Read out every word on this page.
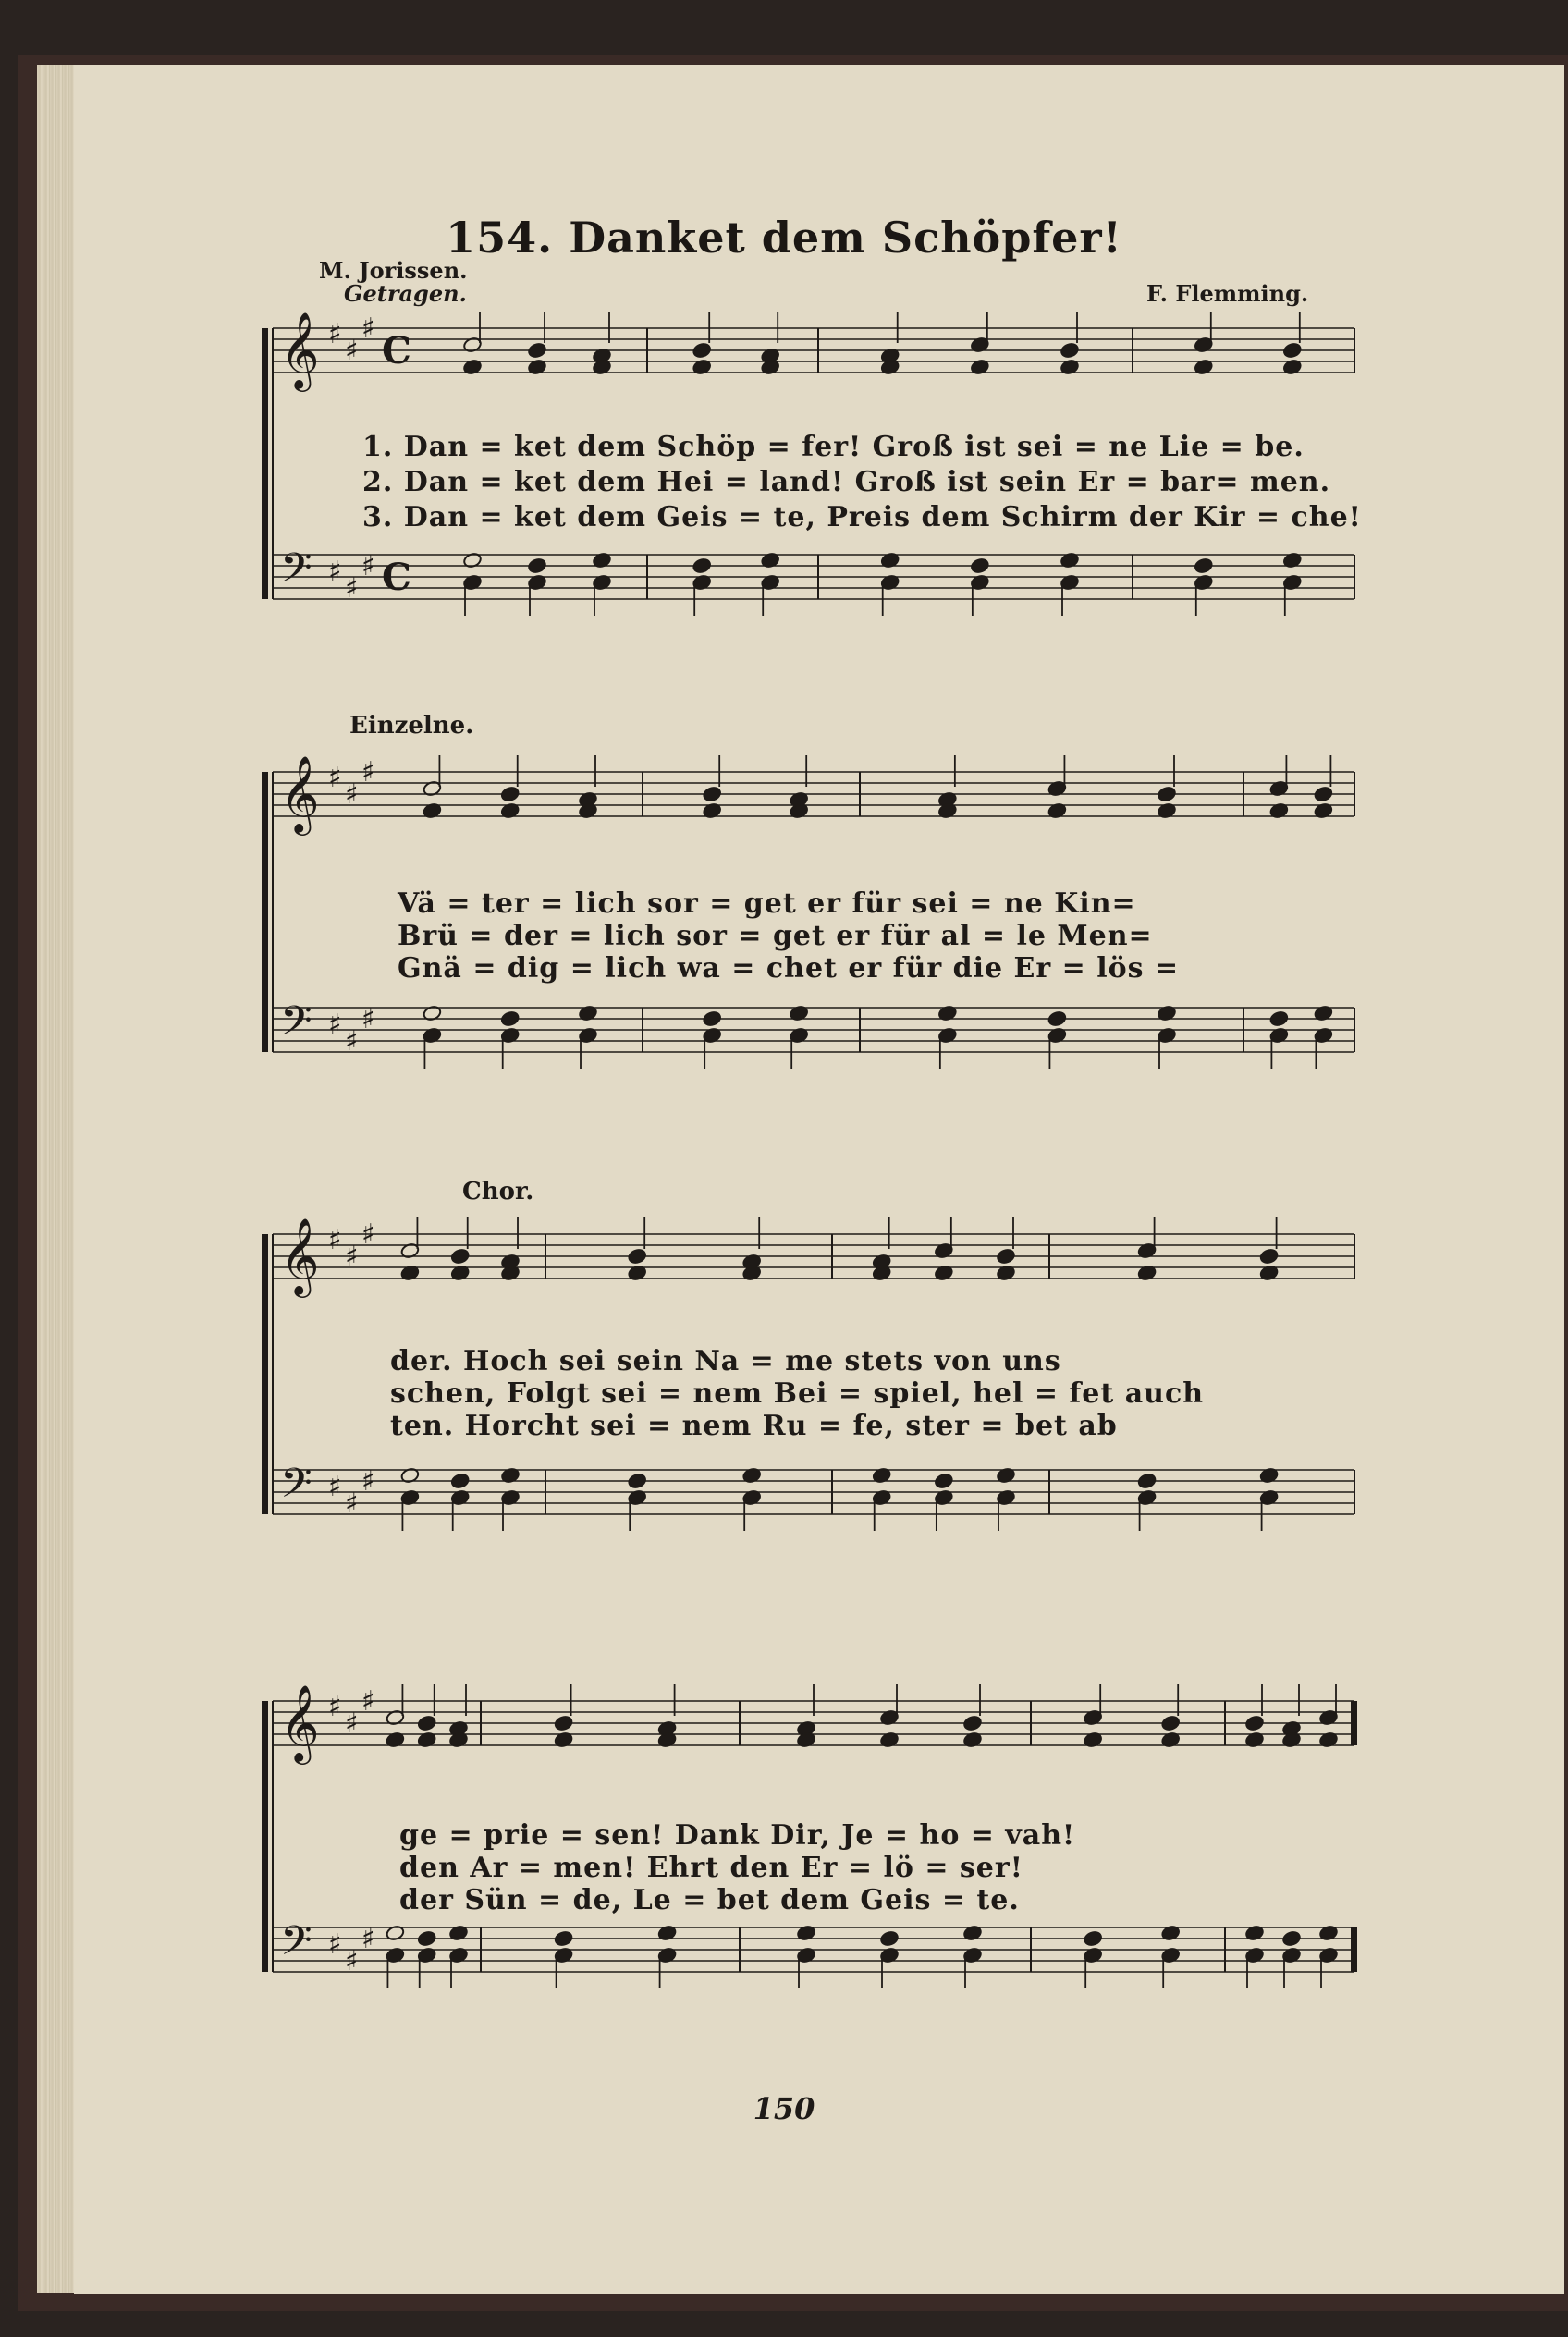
154. Danket dem Schöpfer!
M. Jorissen.
Getragen.	F. Flemming.
Einzelne.
Chor.
1. Dan = ket dem Schöp = fer! Groß ist sei = ne Lie = be.
2. Dan = ket dem Hei = land! Groß ist sein Er = bar= men.
3. Dan = ket dem Geis = te, Preis dem Schirm der Kir = che!
Vä = ter = lich sor = get er für sei = ne Kin=
Brü = der = lich sor = get er für al = le Men=
Gnä = dig = lich wa = chet er für die Er = lös =
der. Hoch sei sein Na = me stets von uns
schen, Folgt sei = nem Bei = spiel, hel = fet auch
ten. Horcht sei = nem Ru = fe, ster = bet ab
ge = prie = sen! Dank Dir, Je = ho = vah!
den Ar = men! Ehrt den Er = lö = ser!
der Sün = de, Le = bet dem Geis = te.
150
𝄞 ♯
♯
♯
C
𝄢 ♯
♯
♯ C
𝄞 ♯
♯
♯
𝄢 ♯
♯
♯
𝄞 ♯
♯
♯
𝄢 ♯
♯
♯
𝄞 ♯
♯
♯
𝄢 ♯
♯
♯
